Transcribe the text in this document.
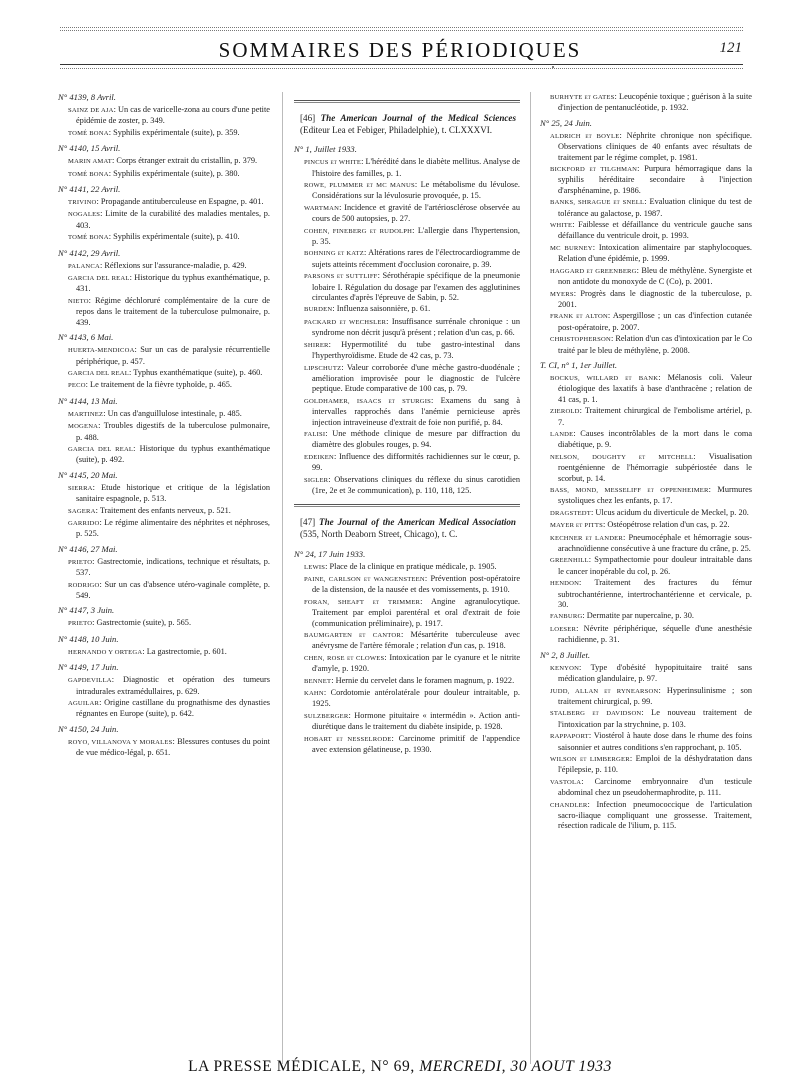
SOMMAIRES DES PÉRIODIQUES	121
N° 4139, 8 Avril.
SAINZ DE AJA: Un cas de varicelle-zona au cours d'une petite épidémie de zoster, p. 349.
TOMÉ BONA: Syphilis expérimentale (suite), p. 359.
N° 4140, 15 Avril.
MARIN AMAT: Corps étranger extrait du cristallin, p. 379.
TOMÉ BONA: Syphilis expérimentale (suite), p. 380.
N° 4141, 22 Avril.
TRIVINO: Propagande antituberculeuse en Espagne, p. 401.
NOGALES: Limite de la curabilité des maladies mentales, p. 403.
TOMÉ BONA: Syphilis expérimentale (suite), p. 410.
N° 4142, 29 Avril.
PALANCA: Réflexions sur l'assurance-maladie, p. 429.
GARCIA DEL REAL: Historique du typhus exanthématique, p. 431.
NIETO: Régime déchloruré complémentaire de la cure de repos dans le traitement de la tuberculose pulmonaire, p. 439.
N° 4143, 6 Mai.
HUERTA-MENDICOA: Sur un cas de paralysie récurrentielle périphérique, p. 457.
GARCIA DEL REAL: Typhus exanthématique (suite), p. 460.
PECO: Le traitement de la fièvre typhoïde, p. 465.
N° 4144, 13 Mai.
MARTINEZ: Un cas d'anguillulose intestinale, p. 485.
MOGENA: Troubles digestifs de la tuberculose pulmonaire, p. 488.
GARCIA DEL REAL: Historique du typhus exanthématique (suite), p. 492.
N° 4145, 20 Mai.
SIERRA: Etude historique et critique de la législation sanitaire espagnole, p. 513.
SAGERA: Traitement des enfants nerveux, p. 521.
GARRIDO: Le régime alimentaire des néphrites et néphroses, p. 525.
N° 4146, 27 Mai.
PRIETO: Gastrectomie, indications, technique et résultats, p. 537.
RODRIGO: Sur un cas d'absence utéro-vaginale complète, p. 549.
N° 4147, 3 Juin.
PRIETO: Gastrectomie (suite), p. 565.
N° 4148, 10 Juin.
HERNANDO Y ORTEGA: La gastrectomie, p. 601.
N° 4149, 17 Juin.
GAPDEVILLA: Diagnostic et opération des tumeurs intradurales extramédullaires, p. 629.
AGUILAR: Origine castillane du prognathisme des dynasties régnantes en Europe (suite), p. 642.
N° 4150, 24 Juin.
ROYO, VILLANOVA Y MORALES: Blessures contuses du point de vue médico-légal, p. 651.
[46] The American Journal of the Medical Sciences (Editeur Lea et Febiger, Philadelphie), t. CLXXXVI.
N° 1, Juillet 1933.
PINCUS et WHITE: L'hérédité dans le diabète mellitus. Analyse de l'histoire des familles, p. 1.
ROWE, PLUMMER et MC MANUS: Le métabolisme du lévulose. Considérations sur la lévulosurie provoquée, p. 15.
WARTMAN: Incidence et gravité de l'artériosclérose observée au cours de 500 autopsies, p. 27.
COHEN, FINEBERG et RUDOLPH: L'allergie dans l'hypertension, p. 35.
BOHNING et KATZ: Altérations rares de l'électrocardiogramme de sujets atteints récemment d'occlusion coronaire, p. 39.
PARSONS et SUTTLIFF: Sérothérapie spécifique de la pneumonie lobaire I. Régulation du dosage par l'examen des agglutinines circulantes d'après l'épreuve de Sabin, p. 52.
BURDEN: Influenza saisonnière, p. 61.
PACKARD et WECHSLER: Insuffisance surrénale chronique : un syndrome non décrit jusqu'à présent ; relation d'un cas, p. 66.
SHIRER: Hypermotilité du tube gastro-intestinal dans l'hyperthyroïdisme. Etude de 42 cas, p. 73.
LIPSCHUTZ: Valeur corroborée d'une mèche gastro-duodénale ; amélioration improvisée pour le diagnostic de l'ulcère peptique. Etude comparative de 100 cas, p. 79.
GOLDHAMER, ISAACS et STURGIS: Examens du sang à intervalles rapprochés dans l'anémie pernicieuse après injection intraveineuse d'extrait de foie non purifié, p. 84.
FALISI: Une méthode clinique de mesure par diffraction du diamètre des globules rouges, p. 94.
EDEIKEN: Influence des difformités rachidiennes sur le cœur, p. 99.
SIGLER: Observations cliniques du réflexe du sinus carotidien (1re, 2e et 3e communication), p. 110, 118, 125.
[47] The Journal of the American Medical Association (535, North Deaborn Street, Chicago), t. C.
N° 24, 17 Juin 1933.
LEWIS: Place de la clinique en pratique médicale, p. 1905.
PAINE, CARLSON et WANGENSTEEN: Prévention post-opératoire de la distension, de la nausée et des vomissements, p. 1910.
FORAN, SHEAFT et TRIMMER: Angine agranulocytique. Traitement par emploi parentéral et oral d'extrait de foie (communication préliminaire), p. 1917.
BAUMGARTEN et CANTOR: Mésartérite tuberculeuse avec anévrysme de l'artère fémorale ; relation d'un cas, p. 1918.
CHEN, ROSE et CLOWES: Intoxication par le cyanure et le nitrite d'amyle, p. 1920.
BENNET: Hernie du cervelet dans le foramen magnum, p. 1922.
KAHN: Cordotomie antérolatérale pour douleur intraitable, p. 1925.
SULZBERGER: Hormone pituitaire « intermédin ». Action anti-diurétique dans le traitement du diabète insipide, p. 1928.
HOBART et NESSELRODE: Carcinome primitif de l'appendice avec extension gélatineuse, p. 1930.
BURHYTE et GATES: Leucopénie toxique ; guérison à la suite d'injection de pentanucléotide, p. 1932.
N° 25, 24 Juin.
ALDRICH et BOYLE: Néphrite chronique non spécifique. Observations cliniques de 40 enfants avec résultats de traitement par le régime complet, p. 1981.
BICKFORD et TILGHMAN: Purpura hémorragique dans la syphilis héréditaire secondaire à l'injection d'arsphénamine, p. 1986.
BANKS, SHRAGUE et SNELL: Evaluation clinique du test de tolérance au galactose, p. 1987.
WHITE: Faiblesse et défaillance du ventricule gauche sans défaillance du ventricule droit, p. 1993.
MC BURNEY: Intoxication alimentaire par staphylocoques. Relation d'une épidémie, p. 1999.
HAGGARD et GREENBERG: Bleu de méthylène. Synergiste et non antidote du monoxyde de C (Co), p. 2001.
MYERS: Progrès dans le diagnostic de la tuberculose, p. 2001.
FRANK et ALTON: Aspergillose ; un cas d'infection cutanée post-opératoire, p. 2007.
CHRISTOPHERSON: Relation d'un cas d'intoxication par le Co traité par le bleu de méthylène, p. 2008.
T. CI, n° 1, 1er Juillet.
BOCKUS, WILLARD et BANK: Mélanosis coli. Valeur étiologique des laxatifs à base d'anthracène ; relation de 41 cas, p. 1.
ZIEROLD: Traitement chirurgical de l'embolisme artériel, p. 7.
LANDE: Causes incontrôlables de la mort dans le coma diabétique, p. 9.
NELSON, DOUGHTY et MITCHELL: Visualisation roentgénienne de l'hémorragie subpériostée dans le scorbut, p. 14.
BASS, MOND, MESSELIFF et OPPENHEIMER: Murmures systoliques chez les enfants, p. 17.
DRAGSTEDT: Ulcus acidum du diverticule de Meckel, p. 20.
MAYER et PITTS: Ostéopétrose relation d'un cas, p. 22.
KECHNER et LANDER: Pneumocéphale et hémorragie sous-arachnoïdienne consécutive à une fracture du crâne, p. 25.
GREENHILL: Sympathectomie pour douleur intraitable dans le cancer inopérable du col, p. 26.
HENDON: Traitement des fractures du fémur subtrochantérienne, intertrochantérienne et cervicale, p. 30.
FANBURG: Dermatite par nupercaïne, p. 30.
LOESER: Névrite périphérique, séquelle d'une anesthésie rachidienne, p. 31.
N° 2, 8 Juillet.
KENYON: Type d'obésité hypopituitaire traité sans médication glandulaire, p. 97.
JUDD, ALLAN et RYNEARSON: Hyperinsulinisme ; son traitement chirurgical, p. 99.
STALBERG et DAVIDSON: Le nouveau traitement de l'intoxication par la strychnine, p. 103.
RAPPAPORT: Viostérol à haute dose dans le rhume des foins saisonnier et autres conditions s'en rapprochant, p. 105.
WILSON et LIMBERGER: Emploi de la déshydratation dans l'épilepsie, p. 110.
VASTOLA: Carcinome embryonnaire d'un testicule abdominal chez un pseudohermaphrodite, p. 111.
CHANDLER: Infection pneumococcique de l'articulation sacro-iliaque compliquant une grossesse. Traitement, résection radicale de l'ilium, p. 115.
LA PRESSE MÉDICALE, N° 69, MERCREDI, 30 AOUT 1933
